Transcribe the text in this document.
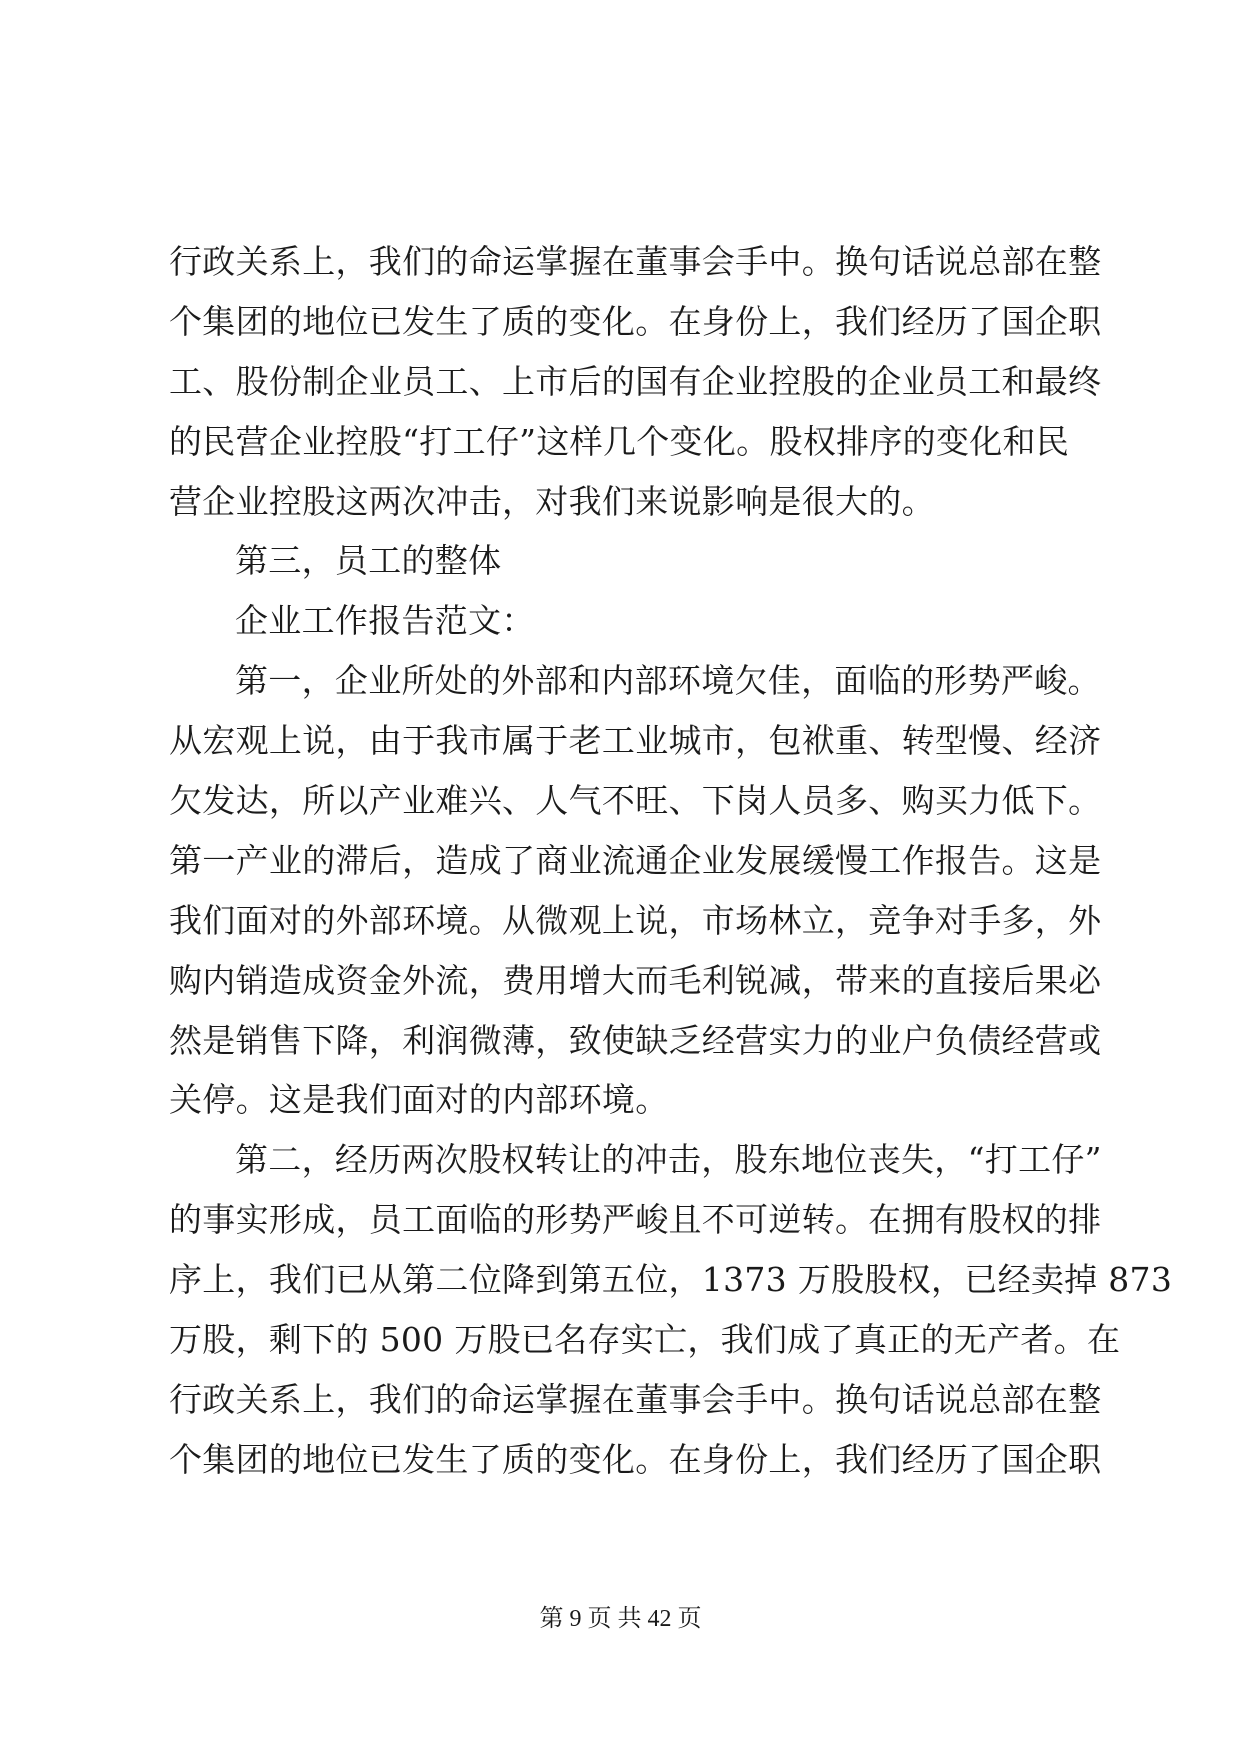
行政关系上，我们的命运掌握在董事会手中。换句话说总部在整
个集团的地位已发生了质的变化。在身份上，我们经历了国企职
工、股份制企业员工、上市后的国有企业控股的企业员工和最终
的民营企业控股“打工仔”这样几个变化。股权排序的变化和民
营企业控股这两次冲击，对我们来说影响是很大的。
第三，员工的整体
企业工作报告范文：
第一，企业所处的外部和内部环境欠佳，面临的形势严峻。
从宏观上说，由于我市属于老工业城市，包袱重、转型慢、经济
欠发达，所以产业难兴、人气不旺、下岗人员多、购买力低下。
第一产业的滞后，造成了商业流通企业发展缓慢工作报告。这是
我们面对的外部环境。从微观上说，市场林立，竞争对手多，外
购内销造成资金外流，费用增大而毛利锐减，带来的直接后果必
然是销售下降，利润微薄，致使缺乏经营实力的业户负债经营或
关停。这是我们面对的内部环境。
第二，经历两次股权转让的冲击，股东地位丧失，“打工仔”
的事实形成，员工面临的形势严峻且不可逆转。在拥有股权的排
序上，我们已从第二位降到第五位，1373 万股股权，已经卖掉 873
万股，剩下的 500 万股已名存实亡，我们成了真正的无产者。在
行政关系上，我们的命运掌握在董事会手中。换句话说总部在整
个集团的地位已发生了质的变化。在身份上，我们经历了国企职
第 9 页 共 42 页
